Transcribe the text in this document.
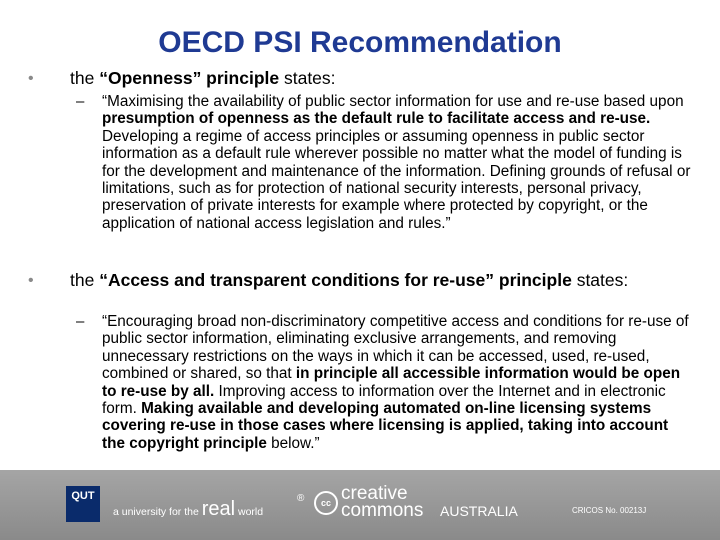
OECD PSI Recommendation
• the “Openness” principle states:
– “Maximising the availability of public sector information for use and re-use based upon presumption of openness as the default rule to facilitate access and re-use. Developing a regime of access principles or assuming openness in public sector information as a default rule wherever possible no matter what the model of funding is for the development and maintenance of the information. Defining grounds of refusal or limitations, such as for protection of national security interests, personal privacy, preservation of private interests for example where protected by copyright, or the application of national access legislation and rules.”
• the “Access and transparent conditions for re-use” principle states:
– “Encouraging broad non-discriminatory competitive access and conditions for re-use of public sector information, eliminating exclusive arrangements, and removing unnecessary restrictions on the ways in which it can be accessed, used, re-used, combined or shared, so that in principle all accessible information would be open to re-use by all. Improving access to information over the Internet and in electronic form. Making available and developing automated on-line licensing systems covering re-use in those cases where licensing is applied, taking into account the copyright principle below.”
QUT
a university for the real world
®	cc creative
commons AUSTRALIA	CRICOS No. 00213J
